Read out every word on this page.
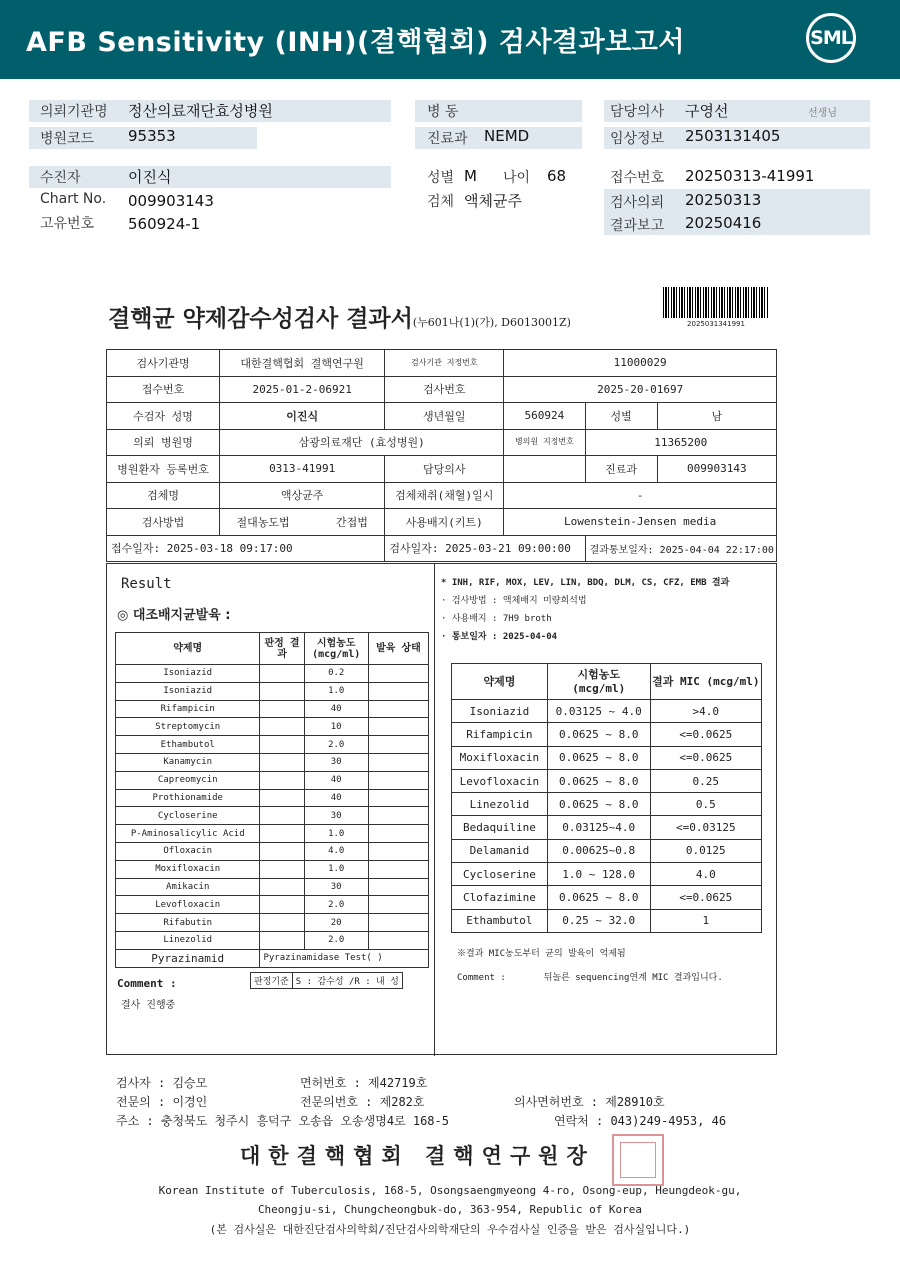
AFB Sensitivity (INH)(결핵협회) 검사결과보고서	SML
의뢰기관명 정산의료재단효성병원
병원코드 95353
병 동
진료과 NEMD
담당의사 구영선	선생님
임상정보 2503131405
수진자	이진식
Chart No. 009903143
고유번호 560924-1
성별 M 나이 68
검체 액체균주
접수번호 20250313-41991
검사의뢰 20250313
결과보고 20250416
결핵균 약제감수성검사 결과서(누601나(1)(가), D6013001Z)	2025031341991
검사기관명	대한결핵협회 결핵연구원	검사기관 지정번호	11000029		
접수번호	2025-01-2-06921	검사번호	2025-20-01697		
수검자 성명	이진식	생년월일	560924	성별	남
의뢰 병원명	삼광의료재단 (효성병원)		병의원 지정번호	11365200	
병원환자 등록번호	0313-41991	담당의사		진료과	009903143
검체명	액상균주	검체채취(채혈)일시	-		
검사방법	절대농도법 간접법	사용배지(키트)	Lowenstein-Jensen media		
접수일자: 2025-03-18 09:17:00		검사일자: 2025-03-21 09:00:00		결과통보일자: 2025-04-04 22:17:00	
Result
◎ 대조배지균발육 :
약제명	판정 결과	시험농도 (mcg/ml)	발육 상태
Isoniazid		0.2	
Isoniazid		1.0	
Rifampicin		40	
Streptomycin		10	
Ethambutol		2.0	
Kanamycin		30	
Capreomycin		40	
Prothionamide		40	
Cycloserine		30	
P-Aminosalicylic Acid		1.0	
Ofloxacin		4.0	
Moxifloxacin		1.0	
Amikacin		30	
Levofloxacin		2.0	
Rifabutin		20	
Linezolid		2.0	
Pyrazinamid	Pyrazinamidase Test( )		
판정기준	S : 감수성 /R : 내 성
Comment :
결사 진행중
* INH, RIF, MOX, LEV, LIN, BDQ, DLM, CS, CFZ, EMB 결과
· 검사방법 : 액체배지 미량희석법
· 사용배지 : 7H9 broth
· 통보일자 : 2025-04-04
약제명	시험농도 (mcg/ml)	결과 MIC (mcg/ml)
Isoniazid	0.03125 ~ 4.0	>4.0
Rifampicin	0.0625 ~ 8.0	<=0.0625
Moxifloxacin	0.0625 ~ 8.0	<=0.0625
Levofloxacin	0.0625 ~ 8.0	0.25
Linezolid	0.0625 ~ 8.0	0.5
Bedaquiline	0.03125~4.0	<=0.03125
Delamanid	0.00625~0.8	0.0125
Cycloserine	1.0 ~ 128.0	4.0
Clofazimine	0.0625 ~ 8.0	<=0.0625
Ethambutol	0.25 ~ 32.0	1
※결과 MIC농도부터 균의 발육이 억제됨
Comment :	뒤놀른 sequencing연계 MIC 결과입니다.
검사자 : 김승모	면허번호 : 제42719호
전문의 : 이경인	전문의번호 : 제282호	의사면허번호 : 제28910호
주소 : 충청북도 청주시 흥덕구 오송읍 오송생명4로 168-5	연락처 : 043)249-4953, 46
대한결핵협회 결핵연구원장
Korean Institute of Tuberculosis, 168-5, Osongsaengmyeong 4-ro, Osong-eup, Heungdeok-gu,
Cheongju-si, Chungcheongbuk-do, 363-954, Republic of Korea
(본 검사실은 대한진단검사의학회/진단검사의학재단의 우수검사실 인증을 받은 검사실입니다.)
